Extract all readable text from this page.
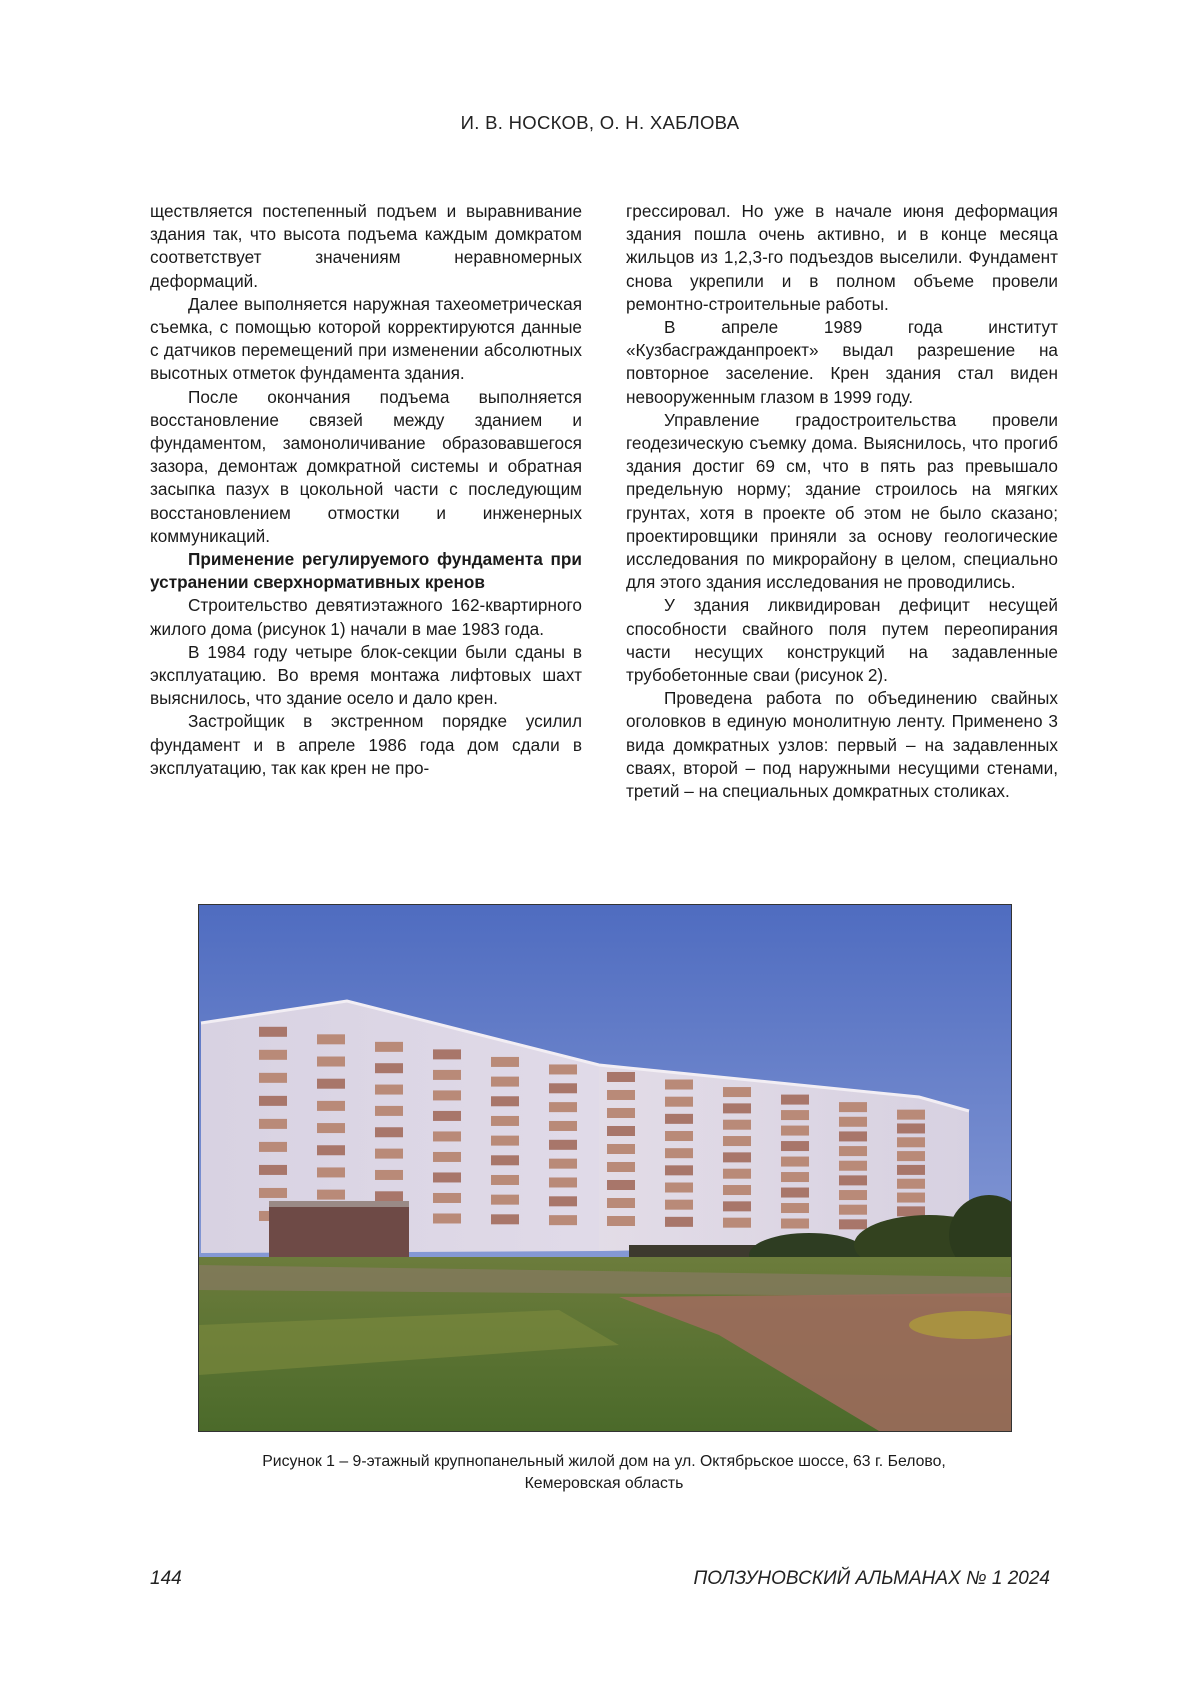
И. В. НОСКОВ, О. Н. ХАБЛОВА

ществляется постепенный подъем и выравнивание здания так, что высота подъема каждым домкратом соответствует значениям неравномерных деформаций.

Далее выполняется наружная тахеометрическая съемка, с помощью которой корректируются данные с датчиков перемещений при изменении абсолютных высотных отметок фундамента здания.

После окончания подъема выполняется восстановление связей между зданием и фундаментом, замоноличивание образовавшегося зазора, демонтаж домкратной системы и обратная засыпка пазух в цокольной части с последующим восстановлением отмостки и инженерных коммуникаций.

Применение регулируемого фундамента при устранении сверхнормативных кренов

Строительство девятиэтажного 162-квартирного жилого дома (рисунок 1) начали в мае 1983 года.

В 1984 году четыре блок-секции были сданы в эксплуатацию. Во время монтажа лифтовых шахт выяснилось, что здание осело и дало крен.

Застройщик в экстренном порядке усилил фундамент и в апреле 1986 года дом сдали в эксплуатацию, так как крен не про-

грессировал. Но уже в начале июня деформация здания пошла очень активно, и в конце месяца жильцов из 1,2,3-го подъездов выселили. Фундамент снова укрепили и в полном объеме провели ремонтно-строительные работы.

В апреле 1989 года институт «Кузбасгражданпроект» выдал разрешение на повторное заселение. Крен здания стал виден невооруженным глазом в 1999 году.

Управление градостроительства провели геодезическую съемку дома. Выяснилось, что прогиб здания достиг 69 см, что в пять раз превышало предельную норму; здание строилось на мягких грунтах, хотя в проекте об этом не было сказано; проектировщики приняли за основу геологические исследования по микрорайону в целом, специально для этого здания исследования не проводились.

У здания ликвидирован дефицит несущей способности свайного поля путем переопирания части несущих конструкций на задавленные трубобетонные сваи (рисунок 2).

Проведена работа по объединению свайных оголовков в единую монолитную ленту. Применено 3 вида домкратных узлов: первый – на задавленных сваях, второй – под наружными несущими стенами, третий – на специальных домкратных столиках.

Рисунок 1 – 9-этажный крупнопанельный жилой дом на ул. Октябрьское шоссе, 63 г. Белово,
Кемеровская область
144	ПОЛЗУНОВСКИЙ АЛЬМАНАХ № 1 2024
